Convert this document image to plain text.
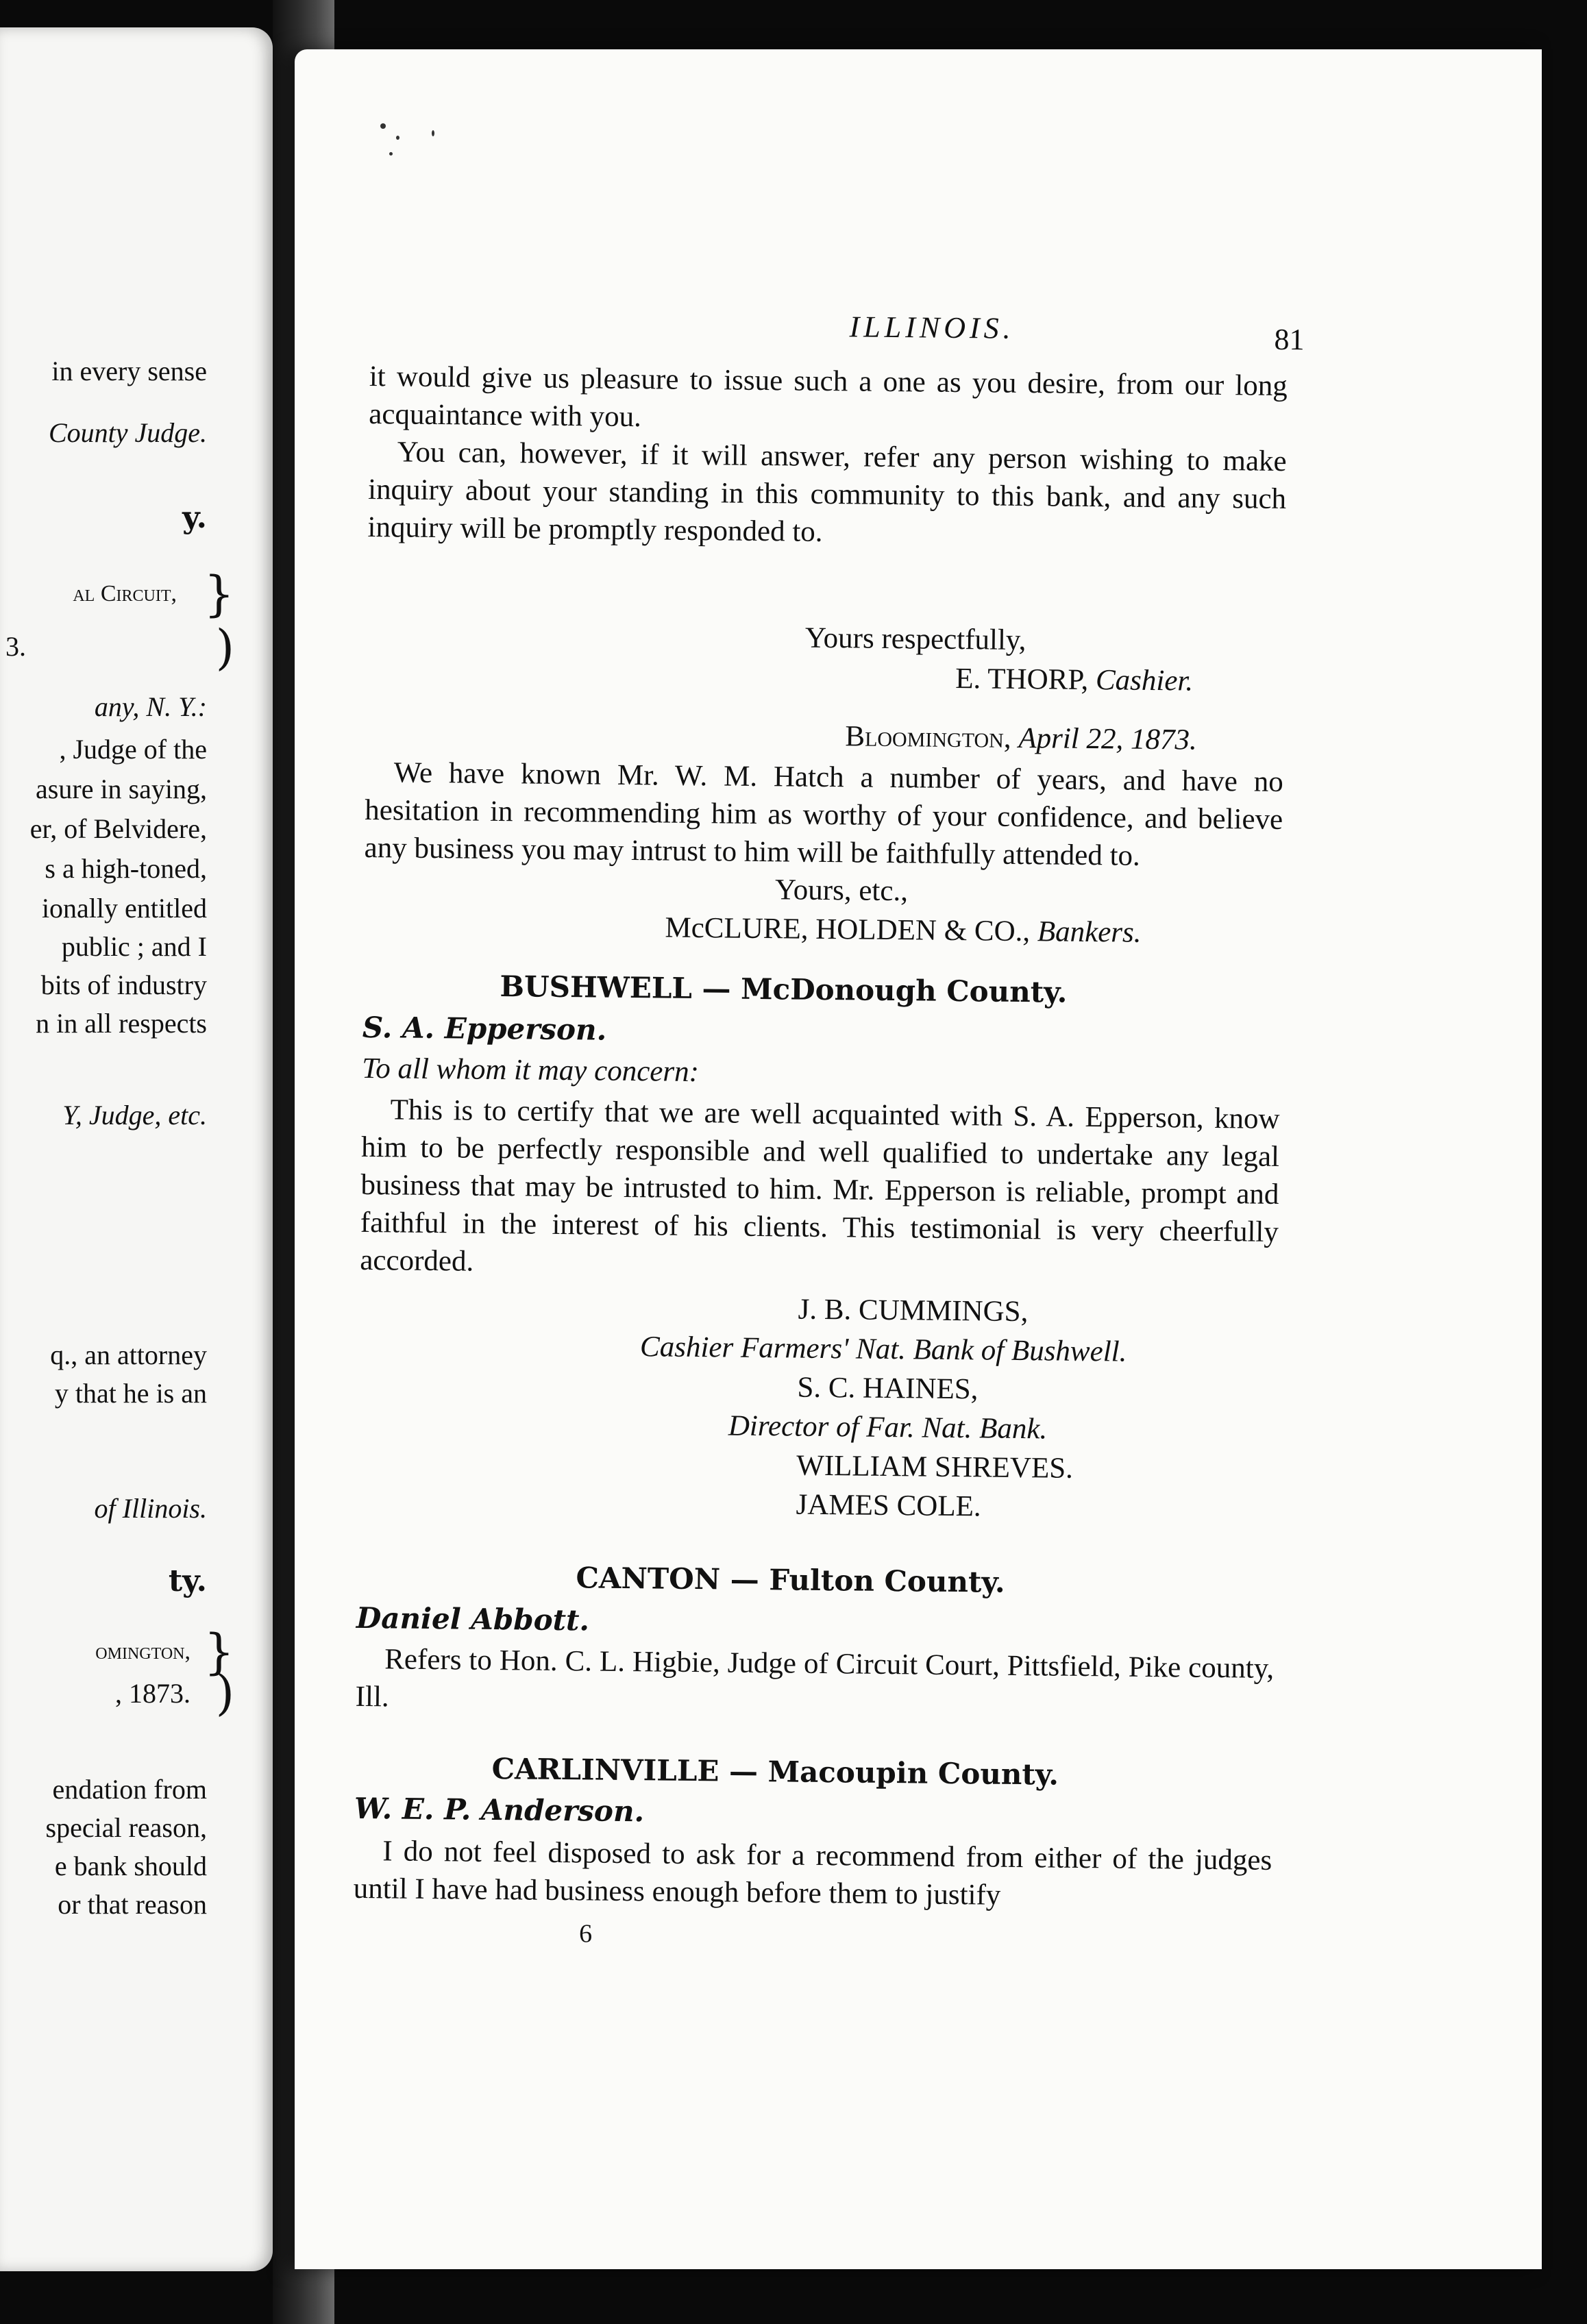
in every sense
County Judge.
y.
al Circuit, }
3.	)
any, N. Y.:
, Judge of the
asure in saying,
er, of Belvidere,
s a high-toned,
ionally entitled
public ; and I
bits of industry
n in all respects
Y, Judge, etc.
q., an attorney
y that he is an
of Illinois.
ty.
omington, }
, 1873. )
endation from
special reason,
e bank should
or that reason
ILLINOIS.	81

it would give us pleasure to issue such a one as you desire, from our long acquaintance with you.

You can, however, if it will answer, refer any person wishing to make inquiry about your standing in this community to this bank, and any such inquiry will be promptly responded to.

Yours respectfully,
E. THORP, Cashier.
Bloomington, April 22, 1873.

We have known Mr. W. M. Hatch a number of years, and have no hesitation in recommending him as worthy of your confidence, and believe any business you may intrust to him will be faithfully attended to.

Yours, etc.,
McCLURE, HOLDEN & CO., Bankers.
BUSHWELL — McDonough County.
S. A. Epperson.
To all whom it may concern:

This is to certify that we are well acquainted with S. A. Epperson, know him to be perfectly responsible and well qualified to undertake any legal business that may be intrusted to him. Mr. Epperson is reliable, prompt and faithful in the interest of his clients. This testimonial is very cheerfully accorded.

J. B. CUMMINGS,
Cashier Farmers' Nat. Bank of Bushwell.
S. C. HAINES,
Director of Far. Nat. Bank.
WILLIAM SHREVES.
JAMES COLE.
CANTON — Fulton County.
Daniel Abbott.

Refers to Hon. C. L. Higbie, Judge of Circuit Court, Pittsfield, Pike county, Ill.

CARLINVILLE — Macoupin County.
W. E. P. Anderson.

I do not feel disposed to ask for a recommend from either of the judges until I have had business enough before them to justify

6
